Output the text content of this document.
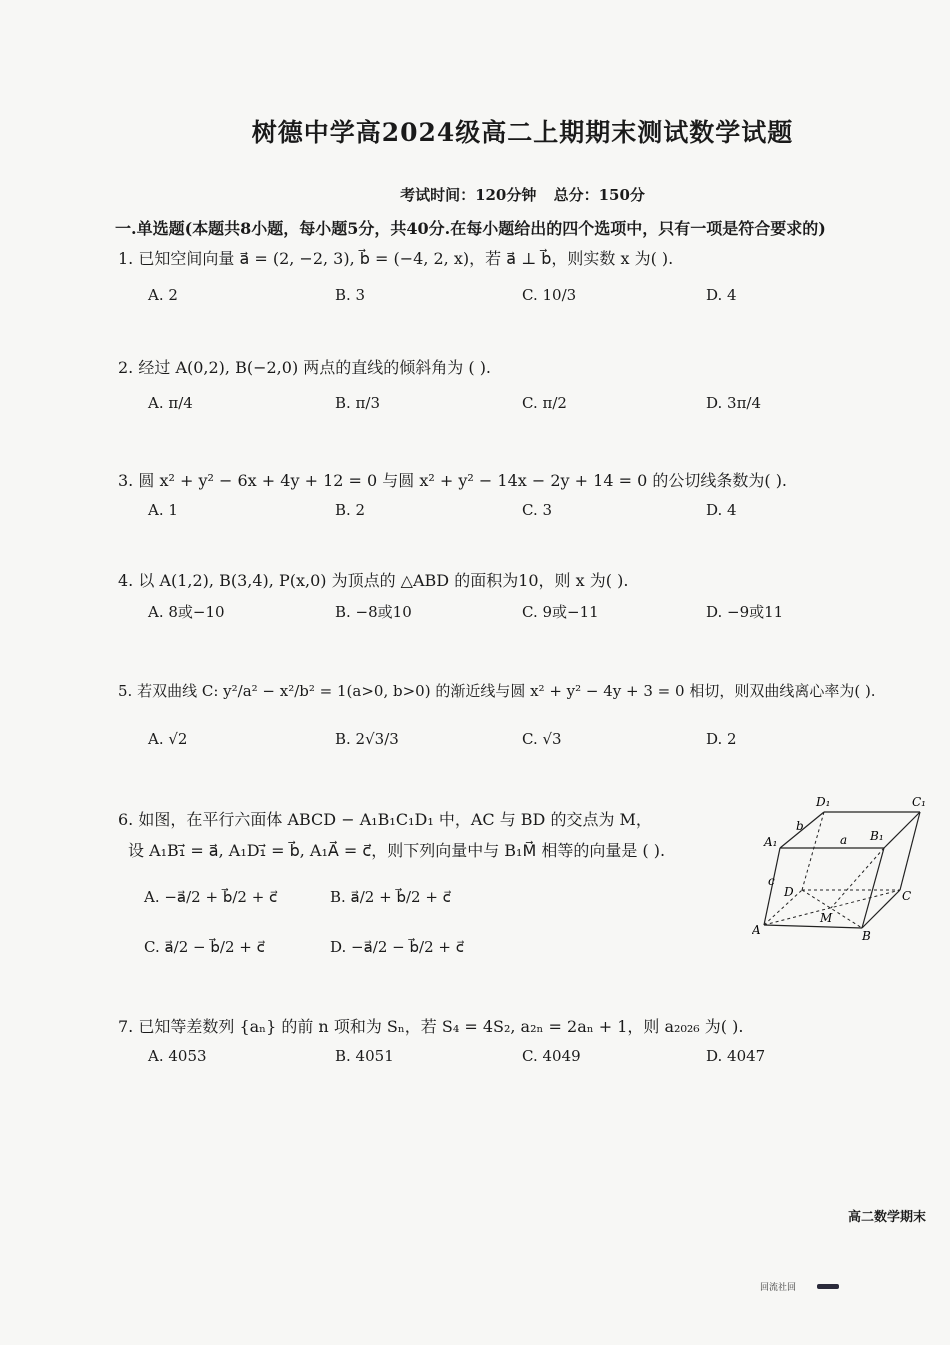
树德中学高2024级高二上期期末测试数学试题
考试时间：120分钟 总分：150分
一.单选题(本题共8小题，每小题5分，共40分.在每小题给出的四个选项中，只有一项是符合要求的)
1. 已知空间向量 a⃗ = (2, −2, 3), b⃗ = (−4, 2, x)，若 a⃗ ⊥ b⃗，则实数 x 为( ).
A. 2	B. 3	C. 10/3	D. 4
2. 经过 A(0,2), B(−2,0) 两点的直线的倾斜角为 ( ).
A. π/4	B. π/3	C. π/2	D. 3π/4
3. 圆 x² + y² − 6x + 4y + 12 = 0 与圆 x² + y² − 14x − 2y + 14 = 0 的公切线条数为( ).
A. 1	B. 2	C. 3	D. 4
4. 以 A(1,2), B(3,4), P(x,0) 为顶点的 △ABD 的面积为10，则 x 为( ).
A. 8或−10	B. −8或10	C. 9或−11	D. −9或11
5. 若双曲线 C: y²/a² − x²/b² = 1(a>0, b>0) 的渐近线与圆 x² + y² − 4y + 3 = 0 相切，则双曲线离心率为( ).
A. √2	B. 2√3/3	C. √3	D. 2
6. 如图，在平行六面体 ABCD − A₁B₁C₁D₁ 中，AC 与 BD 的交点为 M，
设 A₁B₁⃗ = a⃗, A₁D₁⃗ = b⃗, A₁A⃗ = c⃗，则下列向量中与 B₁M⃗ 相等的向量是 ( ).
A. −a⃗/2 + b⃗/2 + c⃗	B. a⃗/2 + b⃗/2 + c⃗
C. a⃗/2 − b⃗/2 + c⃗	D. −a⃗/2 − b⃗/2 + c⃗
D₁	C₁
A₁	B₁
a
b
c
D	C
M
A	B
7. 已知等差数列 {aₙ} 的前 n 项和为 Sₙ，若 S₄ = 4S₂, a₂ₙ = 2aₙ + 1，则 a₂₀₂₆ 为( ).
A. 4053	B. 4051	C. 4049	D. 4047
高二数学期末
回流社回
